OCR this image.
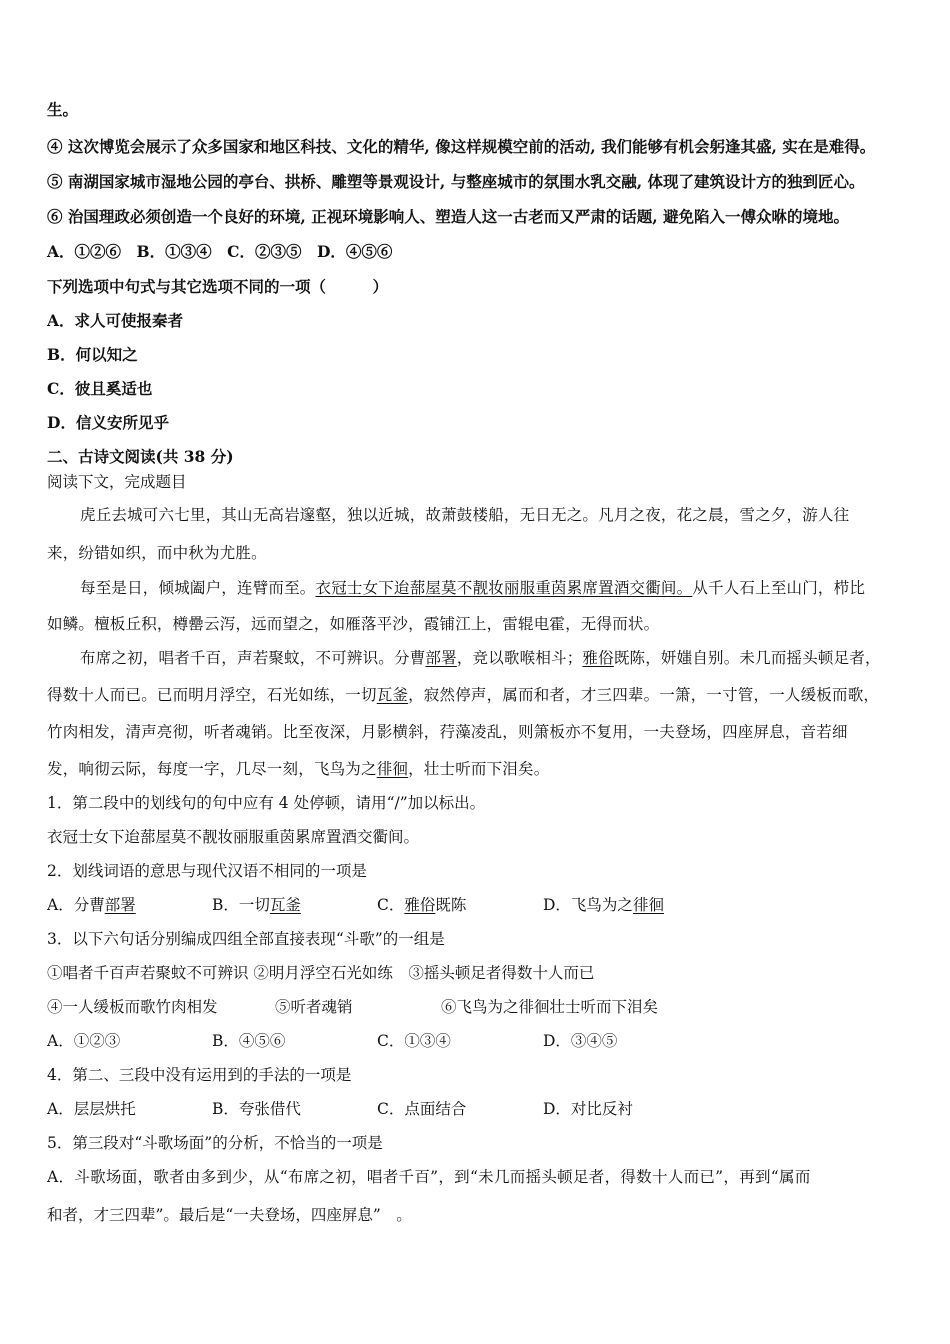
生。
④ 这次博览会展示了众多国家和地区科技、文化的精华, 像这样规模空前的活动, 我们能够有机会躬逢其盛, 实在是难得。
⑤ 南湖国家城市湿地公园的亭台、拱桥、雕塑等景观设计, 与整座城市的氛围水乳交融, 体现了建筑设计方的独到匠心。
⑥ 治国理政必须创造一个良好的环境, 正视环境影响人、塑造人这一古老而又严肃的话题, 避免陷入一傅众咻的境地。
A．①②⑥　B．①③④　C．②③⑤　D．④⑤⑥
下列选项中句式与其它选项不同的一项（　　　）
A．求人可使报秦者
B．何以知之
C．彼且奚适也
D．信义安所见乎
二、古诗文阅读(共 38 分)
阅读下文，完成题目
虎丘去城可六七里，其山无高岩邃壑，独以近城，故萧鼓楼船，无日无之。凡月之夜，花之晨，雪之夕，游人往
来，纷错如织，而中秋为尤胜。
每至是日，倾城阖户，连臂而至。衣冠士女下迨蔀屋莫不靓妆丽服重茵累席置酒交衢间。从千人石上至山门，栉比
如鳞。檀板丘积，樽罍云泻，远而望之，如雁落平沙，霞铺江上，雷辊电霍，无得而状。
布席之初，唱者千百，声若聚蚊，不可辨识。分曹部署，竞以歌喉相斗；雅俗既陈，妍媸自别。未几而摇头顿足者，
得数十人而已。已而明月浮空，石光如练，一切瓦釜，寂然停声，属而和者，才三四辈。一箫，一寸管，一人缓板而歌，
竹肉相发，清声亮彻，听者魂销。比至夜深，月影横斜，荇藻凌乱，则箫板亦不复用，一夫登场，四座屏息，音若细
发，响彻云际，每度一字，几尽一刻，飞鸟为之徘徊，壮士听而下泪矣。
1．第二段中的划线句的句中应有 4 处停顿，请用“/”加以标出。
衣冠士女下迨蔀屋莫不靓妆丽服重茵累席置酒交衢间。
2．划线词语的意思与现代汉语不相同的一项是
A．分曹部署	B．一切瓦釜	C．雅俗既陈	D．飞鸟为之徘徊
3．以下六句话分别编成四组全部直接表现“斗歌”的一组是
①唱者千百声若聚蚊不可辨识 ②明月浮空石光如练　③摇头顿足者得数十人而已
④一人缓板而歌竹肉相发	⑤听者魂销	⑥飞鸟为之徘徊壮士听而下泪矣
A．①②③	B．④⑤⑥	C．①③④	D．③④⑤
4．第二、三段中没有运用到的手法的一项是
A．层层烘托	B．夸张借代	C．点面结合	D．对比反衬
5．第三段对“斗歌场面”的分析，不恰当的一项是
A．斗歌场面，歌者由多到少，从“布席之初，唱者千百”，到“未几而摇头顿足者，得数十人而已”，再到“属而
和者，才三四辈”。最后是“一夫登场，四座屏息”　。
